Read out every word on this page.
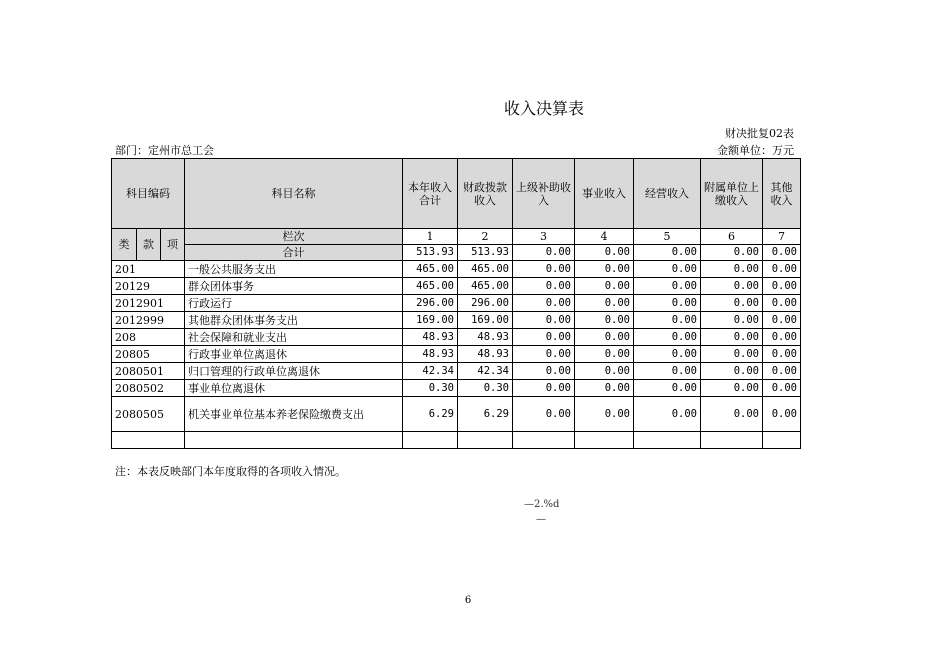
收入决算表
财决批复02表
部门：定州市总工会	金额单位：万元
科目编码			科目名称	本年收入合计	财政拨款收入	上级补助收入	事业收入	经营收入	附属单位上缴收入	其他收入
类	款	项	栏次	1	2	3	4	5	6	7
			合计	513.93	513.93	0.00	0.00	0.00	0.00	0.00
201			一般公共服务支出	465.00	465.00	0.00	0.00	0.00	0.00	0.00
20129			群众团体事务	465.00	465.00	0.00	0.00	0.00	0.00	0.00
2012901			行政运行	296.00	296.00	0.00	0.00	0.00	0.00	0.00
2012999			其他群众团体事务支出	169.00	169.00	0.00	0.00	0.00	0.00	0.00
208			社会保障和就业支出	48.93	48.93	0.00	0.00	0.00	0.00	0.00
20805			行政事业单位离退休	48.93	48.93	0.00	0.00	0.00	0.00	0.00
2080501			归口管理的行政单位离退休	42.34	42.34	0.00	0.00	0.00	0.00	0.00
2080502			事业单位离退休	0.30	0.30	0.00	0.00	0.00	0.00	0.00
2080505			机关事业单位基本养老保险缴费支出	6.29	6.29	0.00	0.00	0.00	0.00	0.00

注：本表反映部门本年度取得的各项收入情况。
—2.%d
—
6
